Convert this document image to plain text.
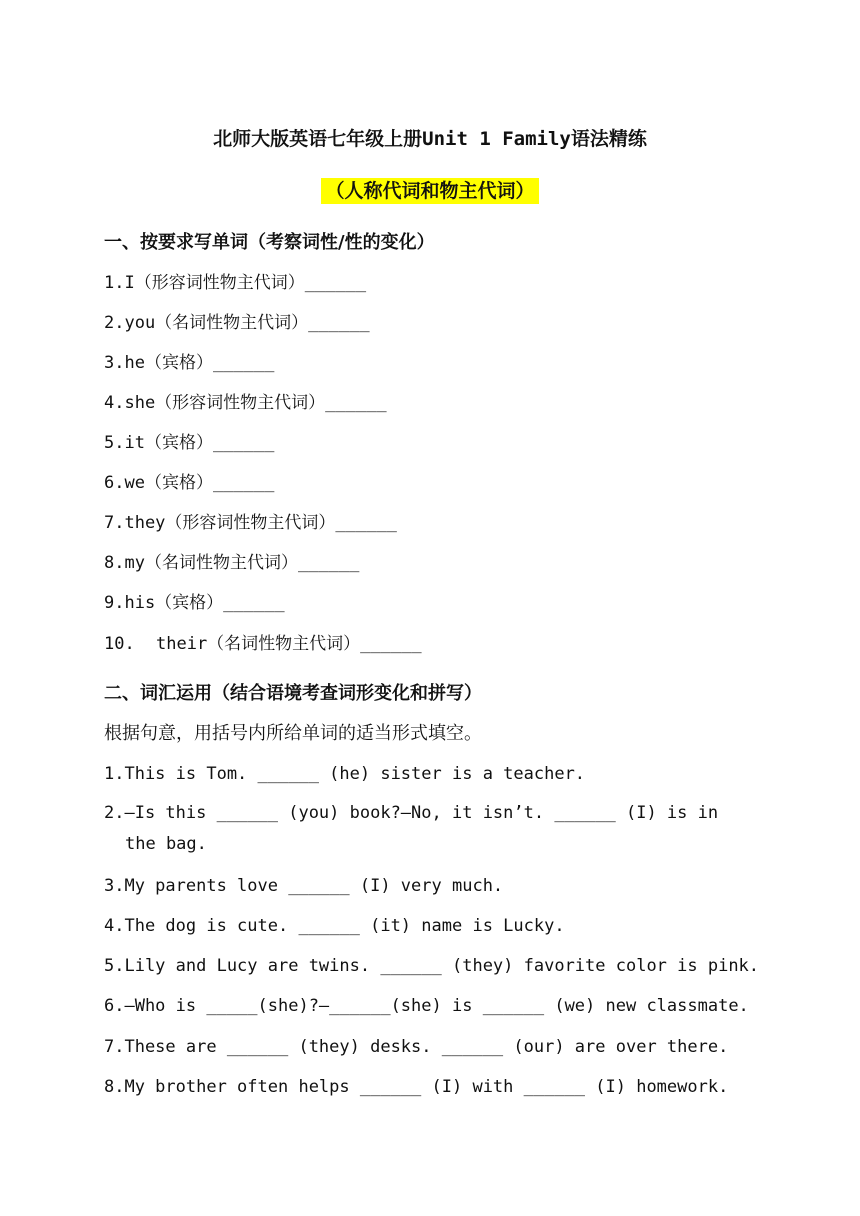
北师大版英语七年级上册Unit 1 Family语法精练
（人称代词和物主代词）
一、按要求写单词（考察词性/性的变化）
1.I（形容词性物主代词）______
2.you（名词性物主代词）______
3.he（宾格）______
4.she（形容词性物主代词）______
5.it（宾格）______
6.we（宾格）______
7.they（形容词性物主代词）______
8.my（名词性物主代词）______
9.his（宾格）______
10. their（名词性物主代词）______
二、词汇运用（结合语境考查词形变化和拼写）
根据句意，用括号内所给单词的适当形式填空。
1.This is Tom. ______ (he) sister is a teacher.
2.—Is this ______ (you) book?—No, it isn’t. ______ (I) is in
the bag.
3.My parents love ______ (I) very much.
4.The dog is cute. ______ (it) name is Lucky.
5.Lily and Lucy are twins. ______ (they) favorite color is pink.
6.—Who is _____(she)?—______(she) is ______ (we) new classmate.
7.These are ______ (they) desks. ______ (our) are over there.
8.My brother often helps ______ (I) with ______ (I) homework.
